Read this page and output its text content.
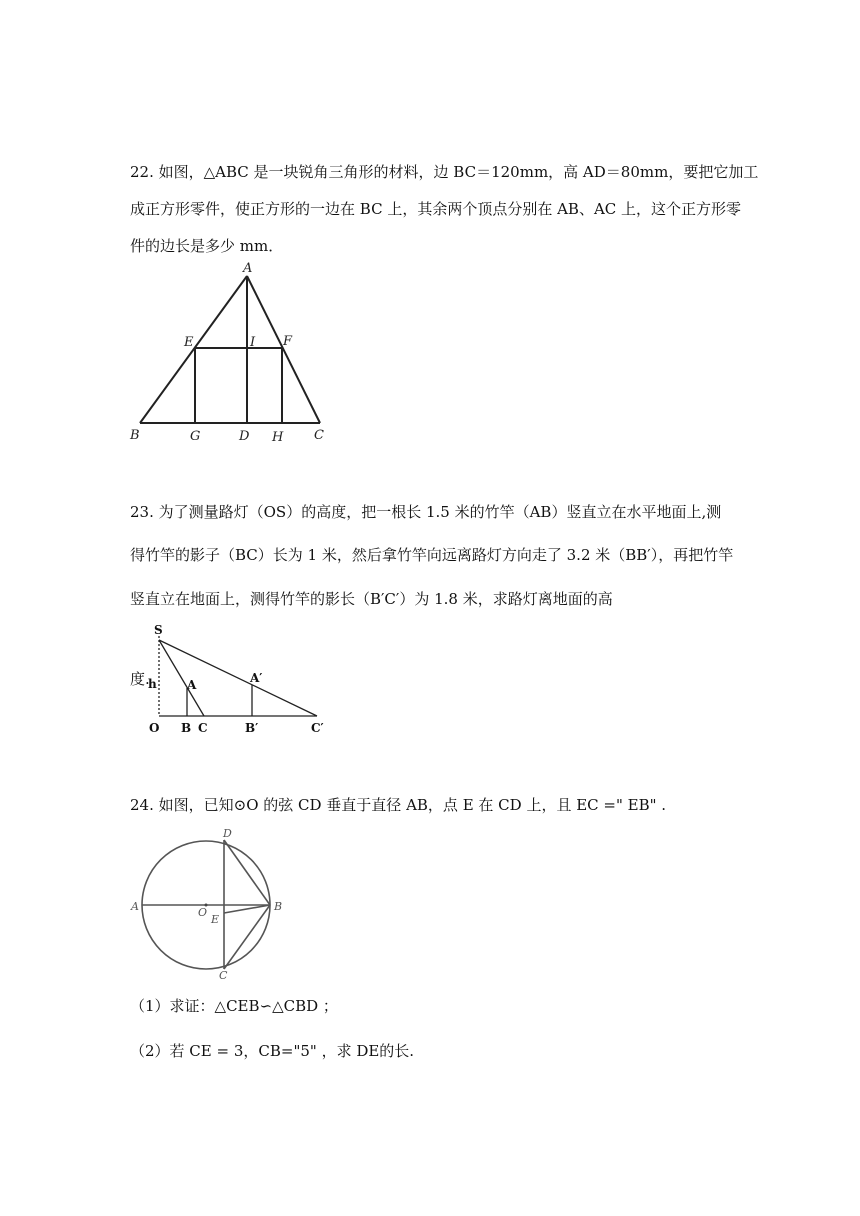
22. 如图，△ABC 是一块锐角三角形的材料，边 BC＝120mm，高 AD＝80mm，要把它加工
成正方形零件，使正方形的一边在 BC 上，其余两个顶点分别在 AB、AC 上，这个正方形零
件的边长是多少 mm．
A
E	I F
B	G	D H C
23. 为了测量路灯（OS）的高度，把一根长 1.5 米的竹竿（AB）竖直立在水平地面上,测
得竹竿的影子（BC）长为 1 米，然后拿竹竿向远离路灯方向走了 3.2 米（BB′），再把竹竿
竖直立在地面上，测得竹竿的影长（B′C′）为 1.8 米，求路灯离地面的高
度.
S
h	A	A′
O B C	B′	C′
24. 如图，已知⊙O 的弦 CD 垂直于直径 AB，点 E 在 CD 上，且 EC =" EB" .
A	B
D
C
O
E
（1）求证：△CEB∽△CBD ；
（2）若 CE = 3，CB="5" ，求 DE的长.
